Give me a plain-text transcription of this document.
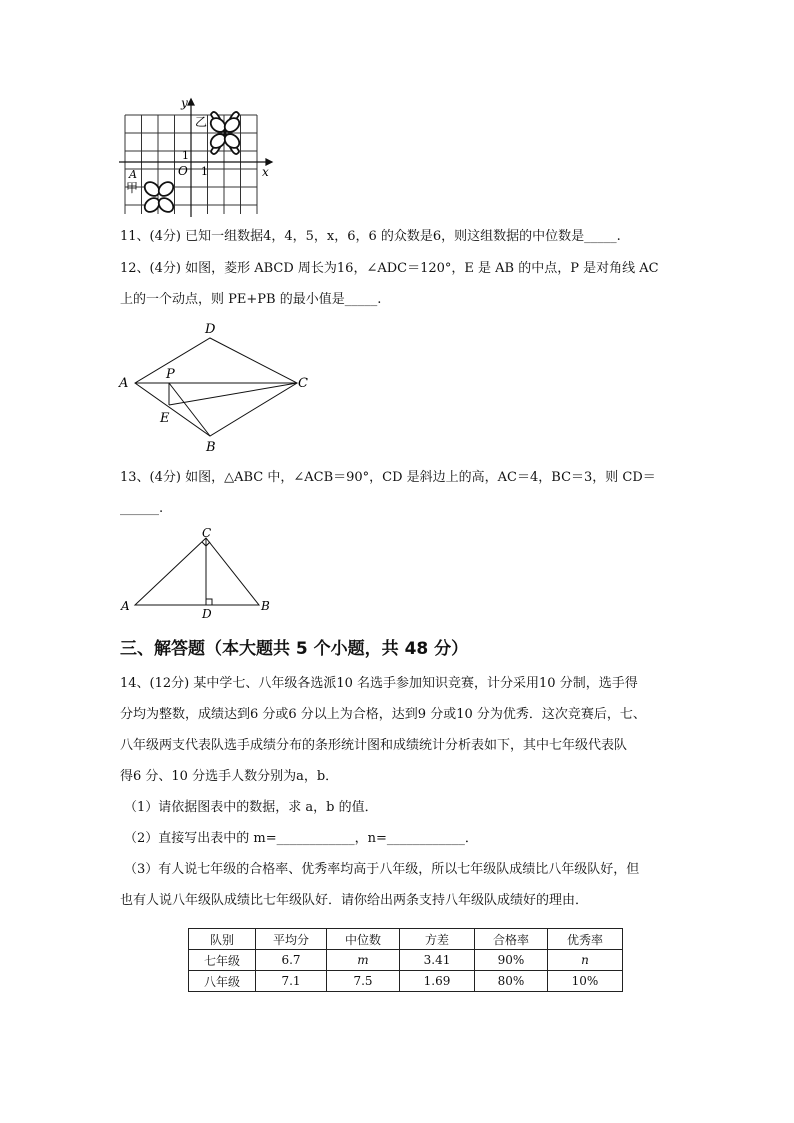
y
x
O 1
1
乙
A
甲
11、(4分) 已知一组数据4，4，5，x，6，6 的众数是6，则这组数据的中位数是_____.
12、(4分) 如图，菱形 ABCD 周长为16，∠ADC＝120°，E 是 AB 的中点，P 是对角线 AC
上的一个动点，则 PE+PB 的最小值是_____.
A
D
C
B
P
E
13、(4分) 如图，△ABC 中，∠ACB＝90°，CD 是斜边上的高，AC＝4，BC＝3，则 CD＝
______.
C
A	B
D
三、解答题（本大题共 5 个小题，共 48 分）
14、(12分) 某中学七、八年级各选派10 名选手参加知识竞赛，计分采用10 分制，选手得
分均为整数，成绩达到6 分或6 分以上为合格，达到9 分或10 分为优秀．这次竞赛后，七、
八年级两支代表队选手成绩分布的条形统计图和成绩统计分析表如下，其中七年级代表队
得6 分、10 分选手人数分别为a，b．
（1）请依据图表中的数据，求 a，b 的值．
（2）直接写出表中的 m=____________，n=____________．
（3）有人说七年级的合格率、优秀率均高于八年级，所以七年级队成绩比八年级队好，但
也有人说八年级队成绩比七年级队好．请你给出两条支持八年级队成绩好的理由．
队别	平均分	中位数	方差	合格率	优秀率
七年级	6.7	m	3.41	90%	n
八年级	7.1	7.5	1.69	80%	10%
